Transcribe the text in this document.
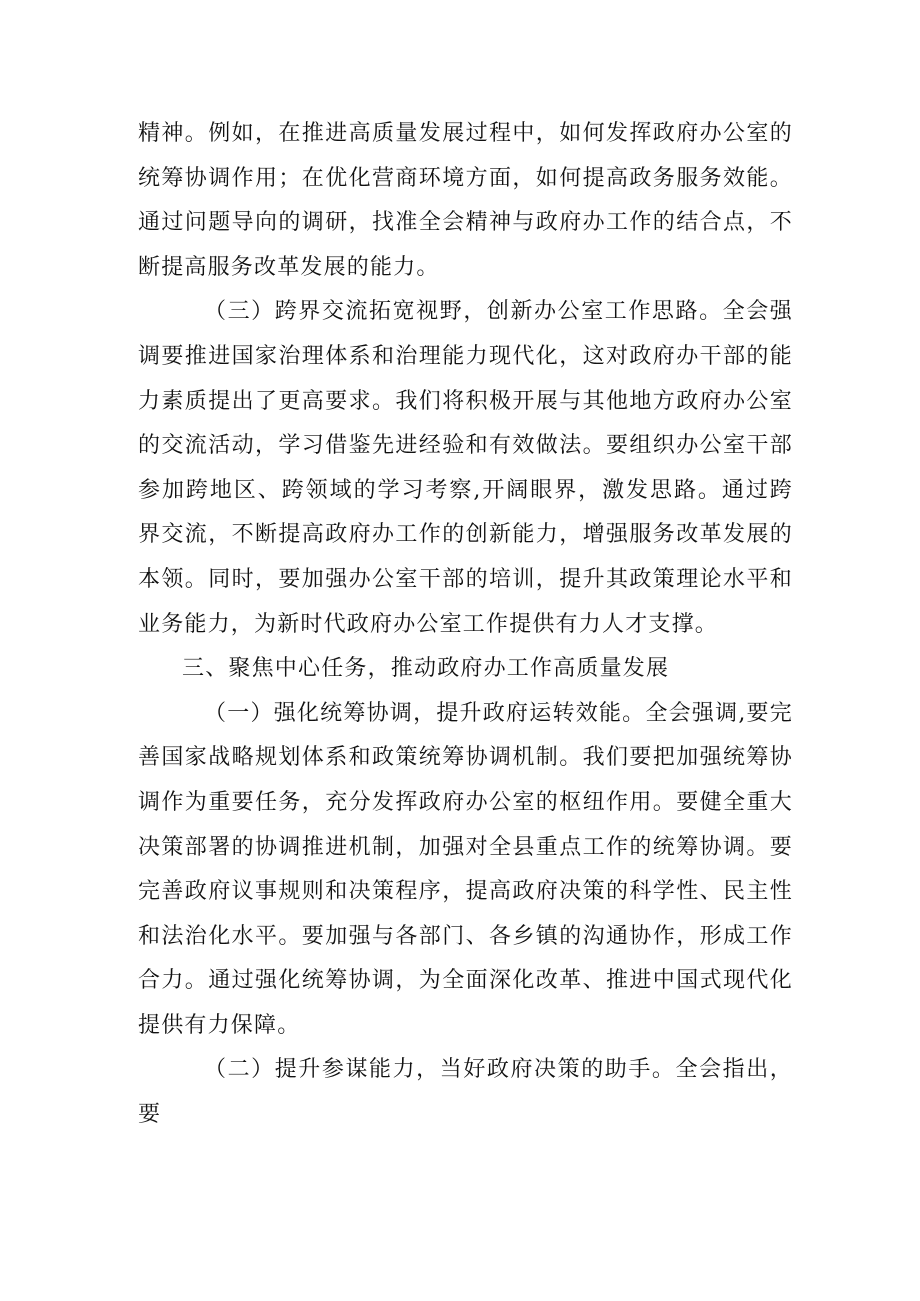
精神。例如，在推进高质量发展过程中，如何发挥政府办公室的统筹协调作用；在优化营商环境方面，如何提高政务服务效能。通过问题导向的调研，找准全会精神与政府办工作的结合点，不断提高服务改革发展的能力。

（三）跨界交流拓宽视野，创新办公室工作思路。全会强调要推进国家治理体系和治理能力现代化，这对政府办干部的能力素质提出了更高要求。我们将积极开展与其他地方政府办公室的交流活动，学习借鉴先进经验和有效做法。要组织办公室干部参加跨地区、跨领域的学习考察,开阔眼界，激发思路。通过跨界交流，不断提高政府办工作的创新能力，增强服务改革发展的本领。同时，要加强办公室干部的培训，提升其政策理论水平和业务能力，为新时代政府办公室工作提供有力人才支撑。

三、聚焦中心任务，推动政府办工作高质量发展

（一）强化统筹协调，提升政府运转效能。全会强调,要完善国家战略规划体系和政策统筹协调机制。我们要把加强统筹协调作为重要任务，充分发挥政府办公室的枢纽作用。要健全重大决策部署的协调推进机制，加强对全县重点工作的统筹协调。要完善政府议事规则和决策程序，提高政府决策的科学性、民主性和法治化水平。要加强与各部门、各乡镇的沟通协作，形成工作合力。通过强化统筹协调，为全面深化改革、推进中国式现代化提供有力保障。

（二）提升参谋能力，当好政府决策的助手。全会指出，要
